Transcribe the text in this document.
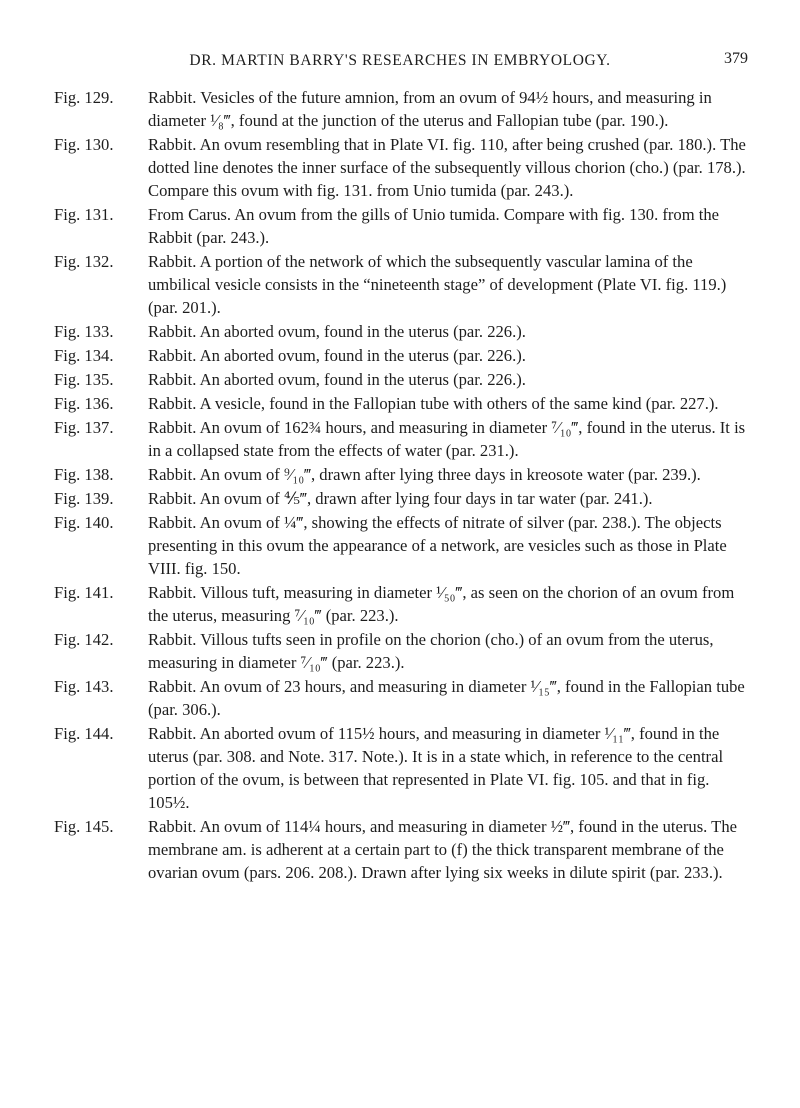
DR. MARTIN BARRY'S RESEARCHES IN EMBRYOLOGY.	379
Fig. 129.	Rabbit. Vesicles of the future amnion, from an ovum of 94½ hours, and measuring in diameter ¹⁄₈‴, found at the junction of the uterus and Fallopian tube (par. 190.).
Fig. 130.	Rabbit. An ovum resembling that in Plate VI. fig. 110, after being crushed (par. 180.). The dotted line denotes the inner surface of the subsequently villous chorion (cho.) (par. 178.). Compare this ovum with fig. 131. from Unio tumida (par. 243.).
Fig. 131.	From Carus. An ovum from the gills of Unio tumida. Compare with fig. 130. from the Rabbit (par. 243.).
Fig. 132.	Rabbit. A portion of the network of which the subsequently vascular lamina of the umbilical vesicle consists in the “nineteenth stage” of development (Plate VI. fig. 119.) (par. 201.).
Fig. 133.	Rabbit. An aborted ovum, found in the uterus (par. 226.).
Fig. 134.	Rabbit. An aborted ovum, found in the uterus (par. 226.).
Fig. 135.	Rabbit. An aborted ovum, found in the uterus (par. 226.).
Fig. 136.	Rabbit. A vesicle, found in the Fallopian tube with others of the same kind (par. 227.).
Fig. 137.	Rabbit. An ovum of 162¾ hours, and measuring in diameter ⁷⁄₁₀‴, found in the uterus. It is in a collapsed state from the effects of water (par. 231.).
Fig. 138.	Rabbit. An ovum of ⁹⁄₁₀‴, drawn after lying three days in kreosote water (par. 239.).
Fig. 139.	Rabbit. An ovum of ⅘‴, drawn after lying four days in tar water (par. 241.).
Fig. 140.	Rabbit. An ovum of ¼‴, showing the effects of nitrate of silver (par. 238.). The objects presenting in this ovum the appearance of a network, are vesicles such as those in Plate VIII. fig. 150.
Fig. 141.	Rabbit. Villous tuft, measuring in diameter ¹⁄₅₀‴, as seen on the chorion of an ovum from the uterus, measuring ⁷⁄₁₀‴ (par. 223.).
Fig. 142.	Rabbit. Villous tufts seen in profile on the chorion (cho.) of an ovum from the uterus, measuring in diameter ⁷⁄₁₀‴ (par. 223.).
Fig. 143.	Rabbit. An ovum of 23 hours, and measuring in diameter ¹⁄₁₅‴, found in the Fallopian tube (par. 306.).
Fig. 144.	Rabbit. An aborted ovum of 115½ hours, and measuring in diameter ¹⁄₁₁‴, found in the uterus (par. 308. and Note. 317. Note.). It is in a state which, in reference to the central portion of the ovum, is between that represented in Plate VI. fig. 105. and that in fig. 105½.
Fig. 145.	Rabbit. An ovum of 114¼ hours, and measuring in diameter ½‴, found in the uterus. The membrane am. is adherent at a certain part to (f) the thick transparent membrane of the ovarian ovum (pars. 206. 208.). Drawn after lying six weeks in dilute spirit (par. 233.).
